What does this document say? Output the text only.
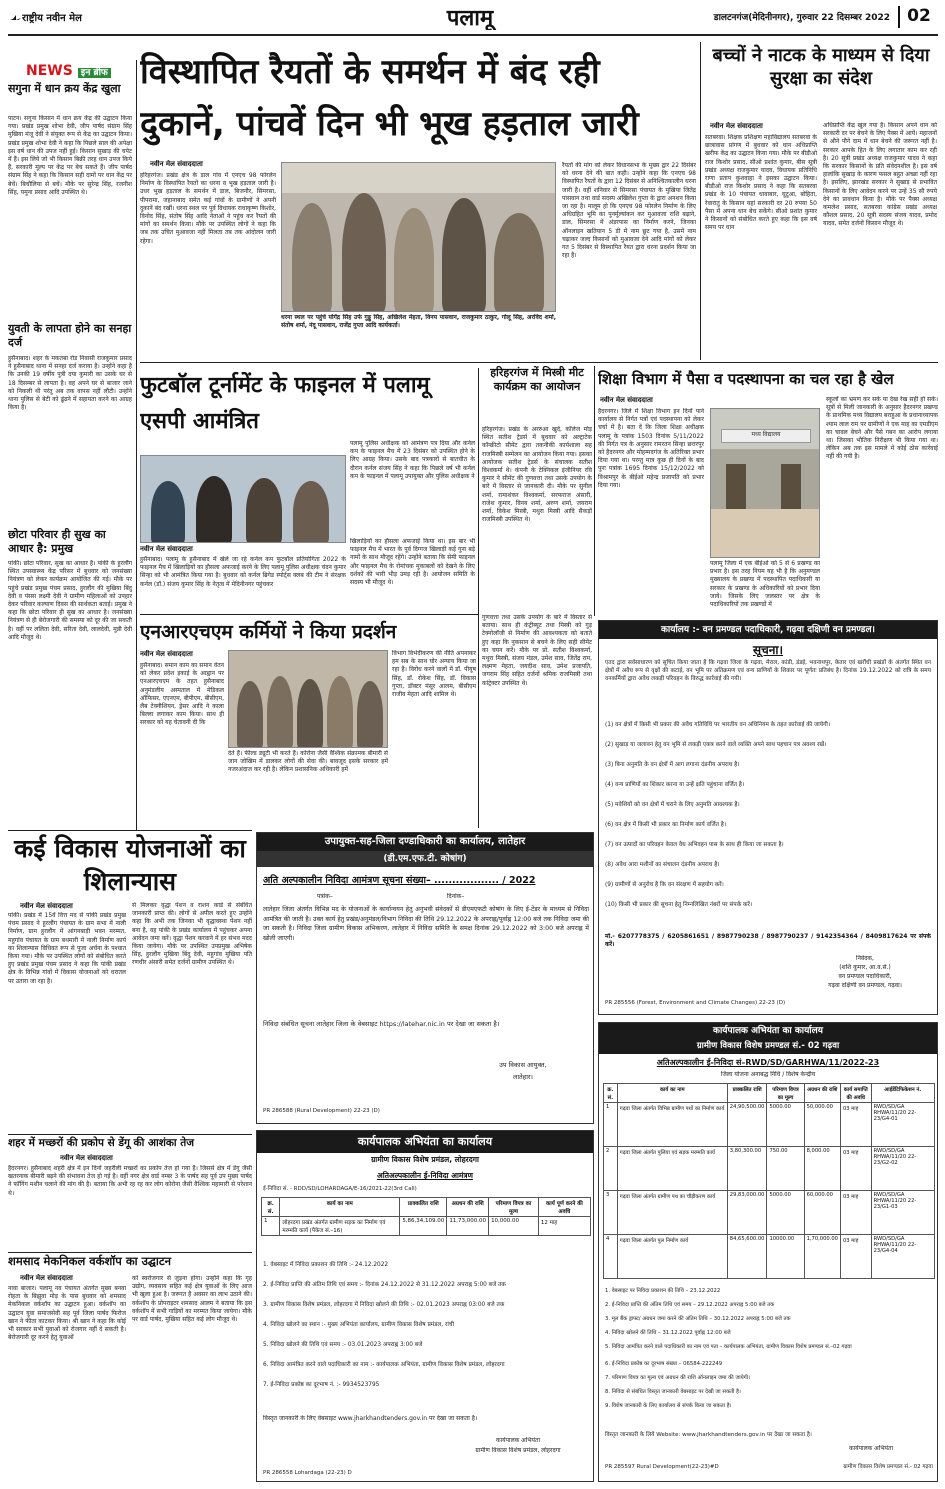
राष्ट्रीय नवीन मेल	पलामू	डालटनगंज(मेदिनीनगर), गुरुवार 22 दिसम्बर 2022	02
NEWS इन ब्रीफ
सगुना में धान क्रय केंद्र खुला
पाटन। सगुना किसान में धान क्रय केंद्र की उद्घाटन किया गया। प्रखंड प्रमुख शोभा देवी, जीप पार्षद संग्राम सिंह मुखिया मंजू देवी ने संयुक्त रूप से केंद्र का उद्घाटन किया। प्रखंड प्रमुख शोभा देवी ने कहा कि पिछले साल की अपेक्षा इस वर्ष धान की उपज नहीं हुई। किसान सुखाड़ की चपेट में हैं। इस लिये जो भी किसान बिक्री तरह धान उपज किये हैं, सरकारी मूल्य पर केंद्र पर बेच सकते हैं। जीप पार्षद संग्राम सिंह ने कहा कि किसान सही दामों पर धान केंद्र पर बेचें। बिचौलिया से बचें। मौके पर सुरेन्द्र सिंह, रजनीश सिंह, यमुना प्रसाद आदि उपस्थित थे।
युवती के लापता होने का सनहा दर्ज
हुसैनाबाद। शहर के मकतबा रोड निवासी राजकुमार प्रसाद ने हुसैनाबाद थाना में सनहा दर्ज कराया है। उन्होंने कहा है कि उनकी 19 वर्षीय पुत्री दया कुमारी का उसके घर से 18 दिसम्बर से लापता है। वह अपने घर से बाजार जाने को निकली थी परंतु अब तक वापस नहीं लौटी। उन्होंने थाना पुलिस से बेटी को ढूंढने में सहायता करने का आग्रह किया है।
छोटा परिवार ही सुख का आधार है: प्रमुख
पांकी। छोटा परिवार, सुख का आधार है। पांकी के हुरलौंग स्थित उपस्वास्थ्य केंद्र परिसर में बुधवार को जनसंख्या नियंत्रण को लेकर कार्यक्रम आयोजित की गई। मौके पर पहुंचे प्रखंड प्रमुख पंचम प्रसाद, हुरलौंग की मुखिया बिंदु देवी व पंसस लक्ष्मी देवी ने ग्रामीण महिलाओं को उपहार देकर परिवार कल्याण दिवस की सार्थकता बताई। प्रमुख ने कहा कि छोटा परिवार ही सुख का आधार है। जनसंख्या नियंत्रण से ही बेरोजगारी की समस्या को दूर की जा सकती है। वहीं पर ललिता देवी, सरिता देवी, लालदेवी, मुन्नी देवी आदि मौजूद थे।
विस्थापित रैयतों के समर्थन में बंद रही दुकानें, पांचवें दिन भी भूख हड़ताल जारी
नवीन मेल संवाददाता
हरिहरगंज। प्रखंड क्षेत्र के डाल गांव में एनएच 98 फोरलेन निर्माण के विस्थापित रैयतों का धरना व भूख हड़ताल जारी है। उधर भूख हड़ताल के समर्थन में डाल, बिजनौर, सिमरसा, पीपरामा, जहानाबाद समेत कई गांवों के ग्रामीणों ने अपनी दुकानें बंद रखीं। धरना स्थल पर पूर्व विधायक राधाकृष्ण किशोर, विनोद सिंह, संतोष सिंह आदि नेताओं ने पहुंच कर रैयतों की मांगों का समर्थन किया। मौके पर उपस्थित लोगों ने कहा कि जब तक उचित मुआवजा नहीं मिलता तब तक आंदोलन जारी रहेगा।
धरना स्थल पर पहुंचे योगेंद्र सिंह उर्फ गुड्डू सिंह, अखिलेश मेहता, विनय पासवान, राजकुमार ठाकुर, गोलू सिंह, अरविंद शर्मा, संतोष शर्मा, नंदू पासवान, राजेंद्र गुप्ता आदि कार्यकर्ता।
रैयतों की मांग को लेकर विधानसभा के मुख्य द्वार 22 दिसंबर को धरना देने की बात कही। उन्होंने कहा कि एनएच 98 विस्थापित रैयतों के द्वारा 12 दिसंबर से अनिश्चितकालीन धरना जारी है। वहीं शनिवार से सिमरसा पंचायत के मुखिया जितेंद्र पासवान तथा वार्ड सदस्य अखिलेश गुप्ता के द्वारा अनशन किया जा रहा है। मालूम हो कि एनएच 98 फोरलेन निर्माण के लिए अधिग्रहित भूमि का पुनर्मूल्यांकन कर मुआवजा राशि बढ़ाने, डाल, सिमरसा में अंडरपास का निर्माण करने, जिनका ऑनलाइन खतियान 5 डी में नाम छूट गया है, उसमें नाम चढ़ाकर जल्द किसानों को मुआवजा देने आदि मांगों को लेकर गत 5 दिसंबर से विस्थापित रैयत द्वारा धरना प्रदर्शन किया जा रहा है।
बच्चों ने नाटक के माध्यम से दिया सुरक्षा का संदेश
नवीन मेल संवाददाता
सतबरवा। शिक्षक प्रशिक्षण महाविद्यालय सतबरवा के छात्रावास प्रांगण में बुधवार को धान अधिप्राप्ति खरीफ केंद्र का उद्घाटन किया गया। मौके पर बीडीओ राज किशोर प्रसाद, सीओ प्रशांत कुमार, बीस सूत्री प्रखंड अध्यक्ष राजकुमार यादव, विधायक प्रतिनिधि राणा प्रताप कुशवाहा ने इसका उद्घाटन किया। बीडीओ राज किशोर प्रसाद ने कहा कि सतबरवा प्रखंड के 10 पंचायत धावाबार, घुटुआ, बोहिता, रेवारातु के किसान यहां सरकारी दर 20 रुपया 50 पैसा में अपना धान बेच सकेंगे। सीओ प्रशांत कुमार ने किसानों को संबोधित करते हुए कहा कि इस वर्ष समय पर धान
अधिप्राप्ति केंद्र खुल गया है। किसान अपने धान को सरकारी दर पर बेचने के लिए पैक्स में आयें। महाजनों से औने पौने दाम में धान बेचने की जरूरत नहीं है। सरकार आपके हित के लिए लगातार काम कर रही है। 20 सूत्री प्रखंड अध्यक्ष राजकुमार यादव ने कहा कि सरकार किसानों के प्रति संवेदनशील है। इस वर्ष हालांकि सुखाड़ के कारण फसल बहुत अच्छा नहीं रहा है। इसलिए, झारखंड सरकार ने सुखाड़ से प्रभावित किसानों के लिए आवेदन करने पर उन्हें 35 सौ रुपये देने का प्रावधान किया है। मौके पर पैक्स अध्यक्ष कमलेश प्रसाद, सतबरवा कांग्रेस प्रखंड अध्यक्ष कौशल प्रसाद, 20 सूत्री सदस्य संजय यादव, प्रमोद यादव, समेत दर्जनों किसान मौजूद थे।
फुटबॉल टूर्नामेंट के फाइनल में पलामू एसपी आमंत्रित
नवीन मेल संवाददाता
हुसैनाबाद। पलामू के हुसैनाबाद में खेले जा रहे कर्नल कप फुटबॉल प्रतियोगिता 2022 के फाइनल मैच में खिलाड़ियों का हौसला अफजाई करने के लिए पलामू पुलिस अधीक्षक चंदन कुमार सिन्हा को भी आमंत्रित किया गया है। बुधवार को कर्नल ब्रिगेड स्पोर्ट्स क्लब की टीम ने संरक्षक कर्नल (डॉ.) संजय कुमार सिंह के नेतृत्व में मेदिनीनगर पहुंचकर
खिलाड़ियों का हौसला अफजाई किया था। इस बार भी फाइनल मैच में भारत के पूर्व दिग्गज खिलाड़ी कई गुना बड़े नामों के साथ मौजूद रहेंगे। उन्होंने बताया कि सेमी फाइनल और फाइनल मैच के रोमांचक मुकाबलों को देखने के लिए दर्शकों की भारी भीड़ उमड़ रही है। आयोजन समिति के सदस्य भी मौजूद थे।
पलामू पुलिस अधीक्षक को आमंत्रण पत्र दिया और कर्नल कप के फाइनल मैच में 23 दिसंबर को उपस्थित होने के लिए आग्रह किया। उसके बाद पत्रकारों से बातचीत के दौरान कर्नल संजय सिंह ने कहा कि पिछले वर्ष भी कर्नल कप के फाइनल में पलामू उपायुक्त और पुलिस अधीक्षक ने
हरिहरगंज में मिस्त्री मीट कार्यक्रम का आयोजन
हरिहरगंज। प्रखंड के अररुआ खुर्द, कॉलेज मोड़ स्थित सतीश ट्रेडर्स में बुधवार को अल्ट्राटेक कॉन्क्रीटो सीमेंट द्वारा तकनीकी कार्यशाला सह राजमिस्त्री सम्मेलन का आयोजन किया गया। इसका आयोजक सतीश ट्रेडर्स के संचालक सतीश विश्वकर्मा थे। कंपनी के टेक्निकल इंजीनियर रवि कुमार ने सीमेंट की गुणवत्ता तथा उसके उपयोग के बारे में विस्तार से जानकारी दी। मौके पर सुनील शर्मा, रामाशंकर विश्वकर्मा, सरफराज अंसारी, राजेश कुमार, विनय शर्मा, अरुण शर्मा, जयराम शर्मा, विकेश मिस्त्री, मथुरा मिस्त्री आदि सैकड़ों राजमिस्त्री उपस्थित थे।
शिक्षा विभाग में पैसा व पदस्थापना का चल रहा है खेल
नवीन मेल संवाददाता
हैदरनगर। जिले में शिक्षा विभाग इन दिनों पाने कार्यालय से निर्गत पत्रों एवं पदस्थापना को लेकर चर्चा में है। बता दें कि जिला शिक्षा अधीक्षक पलामू के पत्रांक 1503 दिनांक 5/11/2022 की निर्गत पत्र के अनुसार रामरतन सिन्हा छत्तरपुर को हैदरनगर और मोहम्मदगंज के अतिरिक्त प्रभार दिया गया था। परन्तु मात्र कुछ ही दिनों के बाद पुनः पत्रांक 1695 दिनांक 15/12/2022 को विश्रामपुर के बीईओ महेन्द्र प्रजापति को प्रभार दिया गया।
मध्य विद्यालय
पलामू जिला में एक बीईओ को 5 से 6 प्रखण्ड का प्रभार है। इस तरह नियम यह भी है कि अनुमण्डल मुख्यालय के प्रखण्ड में पदस्थापित पदाधिकारी या सरकार के प्रखण्ड के अधिकारियों को प्रभार दिया जाये। जिसके लिए जलस्तर पर क्षेत्र के पदाधिकारियों तक प्रखण्डों में
स्कूलों का भ्रमण कर सके या देख रेख सही हो सके। सूत्रों से मिली जानकारी के अनुसार हैदरनगर प्रखण्ड के प्राथमिक मध्य विद्यालय बराहुआ के प्रधानाध्यापक श्याम लाल राम पर ग्रामीणों ने एक माह का एमडीएम का चावल बेचने और पैसे गबन का आरोप लगाया था। जिसका भौतिक निरीक्षण भी किया गया था। लेकिन अब तक इस मामले में कोई ठोस कार्रवाई नहीं की गयी है।
एनआरएचएम कर्मियों ने किया प्रदर्शन
नवीन मेल संवाददाता
हुसैनाबाद। समान काम का समान वेतन को लेकर प्रदेश इकाई के आह्वान पर एनआरएचएम के तहत हुसैनाबाद अनुमंडलीय अस्पताल में मेडिकल ऑफिसर, एएनएम, बीपीएम, बीसीएम, लैब टेक्नीशियन, ड्रेसर आदि ने काला बिल्ला लगाकर काम किया। साथ ही सरकार को यह चेतावनी दी कि
देते हैं। फील्ड ड्यूटी भी करते हैं। कोरोना जैसी वैश्विक संक्रामक बीमारी से जान जोखिम में डालकर लोगों की सेवा की। बावजूद इसके सरकार हमें नजरअंदाज कर रही है। लेकिन प्रशासनिक अधिकारी हमें
विभाग विभेदीकरण की नीति अपनाकर हम सब के साथ घोर अन्याय किया जा रहा है। विरोध करने वालों में डॉ. पीयूष सिंह, डॉ. रोकेश सिंह, डॉ. विकास गुप्ता, डॉक्टर मंसूर आलम, बीसीएम राजीव मेहता आदि शामिल थे।
गुणवत्ता तथा उसके उपयोग के बारे में विस्तार से बताया। साथ ही कंट्रीब्यूट तथा मिस्त्री को गुड़ टेक्नोलॉजी से निर्माण की आवश्यकता को बताते हुए कहा कि नुकसान से बचने के लिए सही सीमेंट का चयन करें। मौके पर प्रो. सतीश विश्वकर्मा, मथुरा मिस्त्री, संजय मंडल, उमेश साव, जितेंद्र राम, लक्ष्मण मेहता, जयदीश साव, उमेश प्रजापति, जगराम सिंह सहित दर्जनों श्रमिक राजमिस्त्री तथा कांट्रेक्टर उपस्थित थे।
कार्यालय :- वन प्रमण्डल पदाधिकारी, गढ़वा दक्षिणी वन प्रमण्डल।
सूचना।
एतद द्वारा सर्वसाधारण को सूचित किया जाता है कि गढ़वा जिला के गढ़वा, मेराल, कांडी, डंडई, भवनाथपुर, केतार एवं खरौंधी प्रखंडों के अंतर्गत स्थित वन क्षेत्रों में अवैध रूप से वृक्षों की कटाई, वन भूमि पर अतिक्रमण एवं वन्य प्राणियों के शिकार पर पूर्णतः प्रतिबंध है। दिनांक 19.12.2022 को रात्रि के समय वनकर्मियों द्वारा अवैध लकड़ी परिवहन के विरुद्ध कार्रवाई की गयी।
(1) वन क्षेत्रों में किसी भी प्रकार की अवैध गतिविधि पर भारतीय वन अधिनियम के तहत कार्रवाई की जायेगी।
(2) सुखाड़ या जलावन हेतु वन भूमि से लकड़ी एकत्र करने वाले व्यक्ति अपने साथ पहचान पत्र अवश्य रखें।
(3) बिना अनुमति के वन क्षेत्रों में आग लगाना दंडनीय अपराध है।
(4) वन्य प्राणियों का शिकार करना या उन्हें क्षति पहुंचाना वर्जित है।
(5) मवेशियों को वन क्षेत्रों में चराने के लिए अनुमति आवश्यक है।
(6) वन क्षेत्र में किसी भी प्रकार का निर्माण कार्य वर्जित है।
(7) वन उत्पादों का परिवहन केवल वैध अभिवहन पास के साथ ही किया जा सकता है।
(8) अवैध आरा मशीनों का संचालन दंडनीय अपराध है।
(9) ग्रामीणों से अनुरोध है कि वन संरक्षण में सहयोग करें।
(10) किसी भी प्रकार की सूचना हेतु निम्नलिखित नंबरों पर संपर्क करें।
मो.- 6207778375 / 6205861651 / 8987790238 / 8987790237 / 9142354364 / 8409817624 पर संपर्क करें।
निवेदक,
(शशि कुमार, आ.व.से.)
वन प्रमण्डल पदाधिकारी,
गढ़वा दक्षिणी वन प्रमण्डल, गढ़वा।
PR 285556 (Forest, Environment and Climate Changes) 22-23 (D)
कई विकास योजनाओं का शिलान्यास
नवीन मेल संवाददाता
पांकी। प्रखंड में 15वें वित्त मद से पांकी प्रखंड प्रमुख पंचम प्रसाद ने हुरलौंग पंचायत के ग्राम सभा में नाली निर्माण, ग्राम हुरलौंग में आंगनबाड़ी भवन मरम्मत, महुगांव पंचायत के ग्राम बथमारी में नाली निर्माण कार्य का शिलान्यास विधिवत रूप से पूजा अर्चना के पश्चात किया गया। मौके पर उपस्थित लोगों को संबोधित करते हुए प्रखंड प्रमुख पंचम प्रसाद ने कहा कि पांकी प्रखंड क्षेत्र के विभिन्न गांवों में विकास योजनाओं को धरातल पर उतारा जा रहा है।
से मिलकर वृद्धा पेंशन व राशन कार्ड से संबंधित जानकारी प्राप्त की। लोगों से अपील करते हुए उन्होंने कहा कि अभी तक जिनका भी वृद्धावस्था पेंशन नहीं बना है, वह पांकी के प्रखंड कार्यालय में पहुंचकर अपना आवेदन जमा करें। वृद्धा पेंशन करवाने में हर संभव मदद किया जायेगा। मौके पर उपस्थित उपप्रमुख अभिषेक सिंह, हुरलौंग मुखिया बिंदु देवी, महुगांव मुखिया पति रणधीर अंसारी समेत दर्जनों ग्रामीण उपस्थित थे।
शहर में मच्छरों की प्रकोप से डेंगू की आशंका तेज
नवीन मेल संवाददाता
हैदरनगर। हुसैनाबाद शहरी क्षेत्र में इन दिनों जहरीली मच्छरों का प्रकोप तेज हो गया है। जिससे क्षेत्र में डेंगू जैसी खतरनाक बीमारी बढ़ने की संभावना तेज हो गई है। वहीं नगर क्षेत्र वार्ड नम्बर 3 के पार्षद सह पूर्व उप मुख्य पार्षद ने फॉगिंग मशीन चलाने की मांग की है। बताया कि अभी रह रह कर लोग कोरोना जैसी वैश्विक महामारी से परेशान थे।
शमसाद मेकनिकल वर्कशॉप का उद्घाटन
नवीन मेल संवाददाता
नावा बाजार। पलामू नव पंचायत अंतर्गत मुख्य बनवा रोहता के बिझुवा मोड़ के पास बुधवार को शमसाद मेकनिकल वर्कशॉप का उद्घाटन हुआ। वर्कशॉप का उद्घाटन युवा समाजसेवी सह पूर्व जिला पार्षद फिरोज खान ने फीता काटकर किया। श्री खान ने कहा कि कोई भी सरकार सभी युवाओं को रोजगार नहीं दे सकती है। बेरोजगारी दूर करने हेतु युवाओं
को स्वरोजगार से जुड़ना होगा। उन्होंने कहा कि गृह उद्योग, व्यवसाय सहित कई क्षेत्र युवाओं के लिए आज भी खुला हुआ है। जरूरत है अवसर का लाभ उठाने की। वर्कशॉप के प्रोपराइटर शमसाद आलम ने बताया कि इस वर्कशॉप में सभी गाड़ियों का मरम्मत किया जायेगा। मौके पर वार्ड पार्षद, मुखिया सहित कई लोग मौजूद थे।
उपायुक्त-सह-जिला दण्डाधिकारी का कार्यालय, लातेहार
(डी.एम.एफ.टी. कोषांग)
अति अल्पकालीन निविदा आमंत्रण सूचना संख्या– .................. / 2022
पत्रांक–	दिनांक–
लातेहार जिला अंतर्गत विभिन्न मद के योजनाओं के कार्यान्वयन हेतु अनुभवी संवेदकों से डीएमएफटी कोषांग के लिए ई-टेंडर के माध्यम से निविदा आमंत्रित की जाती है। उक्त कार्य हेतु प्रखंड/अनुमंडल/विभाग निविदा की तिथि 29.12.2022 के अपराह्न/पूर्वाह्न 12:00 बजे तक निविदा जमा की जा सकती है। निविदा जिला ग्रामीण विकास अभिकरण, लातेहार में निविदा समिति के समक्ष दिनांक 29.12.2022 को 3:00 बजे अपराह्न में खोली जाएगी।
निविदा संबंधित सूचना लातेहार जिला के वेबसाइट https://latehar.nic.in पर देखा जा सकता है।
उप विकास आयुक्त,
लातेहार।
PR 286588 (Rural Development) 22-23 (D)
कार्यपालक अभियंता का कार्यालय
ग्रामीण विकास विशेष प्रमंडल, लोहरदगा
अतिअल्पकालीन ई-निविदा आमंत्रण
ई-निविदा सं. - RDD/SD/LOHARDAGA/E-16/2021-22(3rd Call)
क्र. सं.	कार्य का नाम	प्राक्कलित राशि	अग्रधन की राशि	परिमाण विपत्र का मूल्य	कार्य पूर्ण करने की अवधि
1	लोहरदगा प्रखंड अंतर्गत ग्रामीण सड़क का निर्माण एवं मरम्मति कार्य (पैकेज सं.–16)	5,86,34,109.00	11,73,000.00	10,000.00	12 माह
1. वेबसाइट में निविदा प्रकाशन की तिथि :- 24.12.2022
2. ई-निविदा प्राप्ति की अंतिम तिथि एवं समय :- दिनांक 24.12.2022 से 31.12.2022 अपराह्न 5:00 बजे तक
3. ग्रामीण विकास विशेष प्रमंडल, लोहरदगा में निविदा खोलने की तिथि :- 02.01.2023 अपराह्न 03:00 बजे तक
4. निविदा खोलने का स्थान :- मुख्य अभियंता कार्यालय, ग्रामीण विकास विशेष प्रमंडल, रांची
5. निविदा खोलने की तिथि एवं समय :- 03.01.2023 अपराह्न 3:00 बजे
6. निविदा आमंत्रित करने वाले पदाधिकारी का नाम :- कार्यपालक अभियंता, ग्रामीण विकास विशेष प्रमंडल, लोहरदगा
7. ई-निविदा प्रकोष्ठ का दूरभाष नं. :- 9934523795
विस्तृत जानकारी के लिए वेबसाइट www.jharkhandtenders.gov.in पर देखा जा सकता है।
कार्यपालक अभियंता
ग्रामीण विकास विशेष प्रमंडल, लोहरदगा
PR 286558 Lohardaga (22-23) D
कार्यपालक अभियंता का कार्यालय
ग्रामीण विकास विशेष प्रमण्डल सं.- 02 गढ़वा
अतिअल्पकालीन ई-निविदा सं–RWD/SD/GARHWA/11/2022-23
जिला योजना अनाबद्ध निधि / विशेष केन्द्रीय
क्र. सं.	कार्य का नाम	प्राक्कलित राशि	परिमाण विपत्र का मूल्य	अग्रधन की राशि	कार्य समाप्ति की अवधि	आईडेंटिफिकेशन नं.
1	गढ़वा जिला अंतर्गत विभिन्न ग्रामीण पथों का निर्माण कार्य	24,90,500.00	5000.00	50,000.00	03 माह	RWD/SD/GA RHWA/11/20 22-23/G4-01
2	गढ़वा जिला अंतर्गत पुलिया एवं सड़क मरम्मति कार्य	3,80,300.00	750.00	8,000.00	03 माह	RWD/SD/GA RHWA/11/20 22-23/G2-02
3	गढ़वा जिला अंतर्गत ग्रामीण पथ का चौड़ीकरण कार्य	29,83,000.00	5000.00	60,000.00	03 माह	RWD/SD/GA RHWA/11/20 22-23/G1-03
4	गढ़वा जिला अंतर्गत पुल निर्माण कार्य	84,65,600.00	10000.00	1,70,000.00	03 माह	RWD/SD/GA RHWA/11/20 22-23/G4-04
1. वेबसाइट पर निविदा प्रकाशन की तिथि – 23.12.2022
2. ई-निविदा प्राप्ति की अंतिम तिथि एवं समय – 29.12.2022 अपराह्न 5:00 बजे तक
3. मूल बैंक ड्राफ्ट/ अग्रधन जमा करने की अंतिम तिथि – 30.12.2022 अपराह्न 5:00 बजे तक
4. निविदा खोलने की तिथि – 31.12.2022 पूर्वाह्न 12:00 बजे
5. निविदा आमंत्रित करने वाले पदाधिकारी का नाम एवं पता – कार्यपालक अभियंता, ग्रामीण विकास विशेष प्रमण्डल सं.–02 गढ़वा
6. ई-निविदा प्रकोष्ठ का दूरभाष संख्या – 06584-222249
7. परिमाण विपत्र का मूल्य एवं अग्रधन की राशि ऑनलाइन जमा की जायेगी।
8. निविदा से संबंधित विस्तृत जानकारी वेबसाइट पर देखी जा सकती है।
9. विशेष जानकारी के लिए कार्यालय से संपर्क किया जा सकता है।
विस्तृत जानकारी के लिये Website: www.jharkhandtenders.gov.in पर देखा जा सकता है।
कार्यपालक अभियंता
PR 285597 Rural Development(22-23)#D	ग्रामीण विकास विशेष प्रमण्डल सं.- 02 गढ़वा
